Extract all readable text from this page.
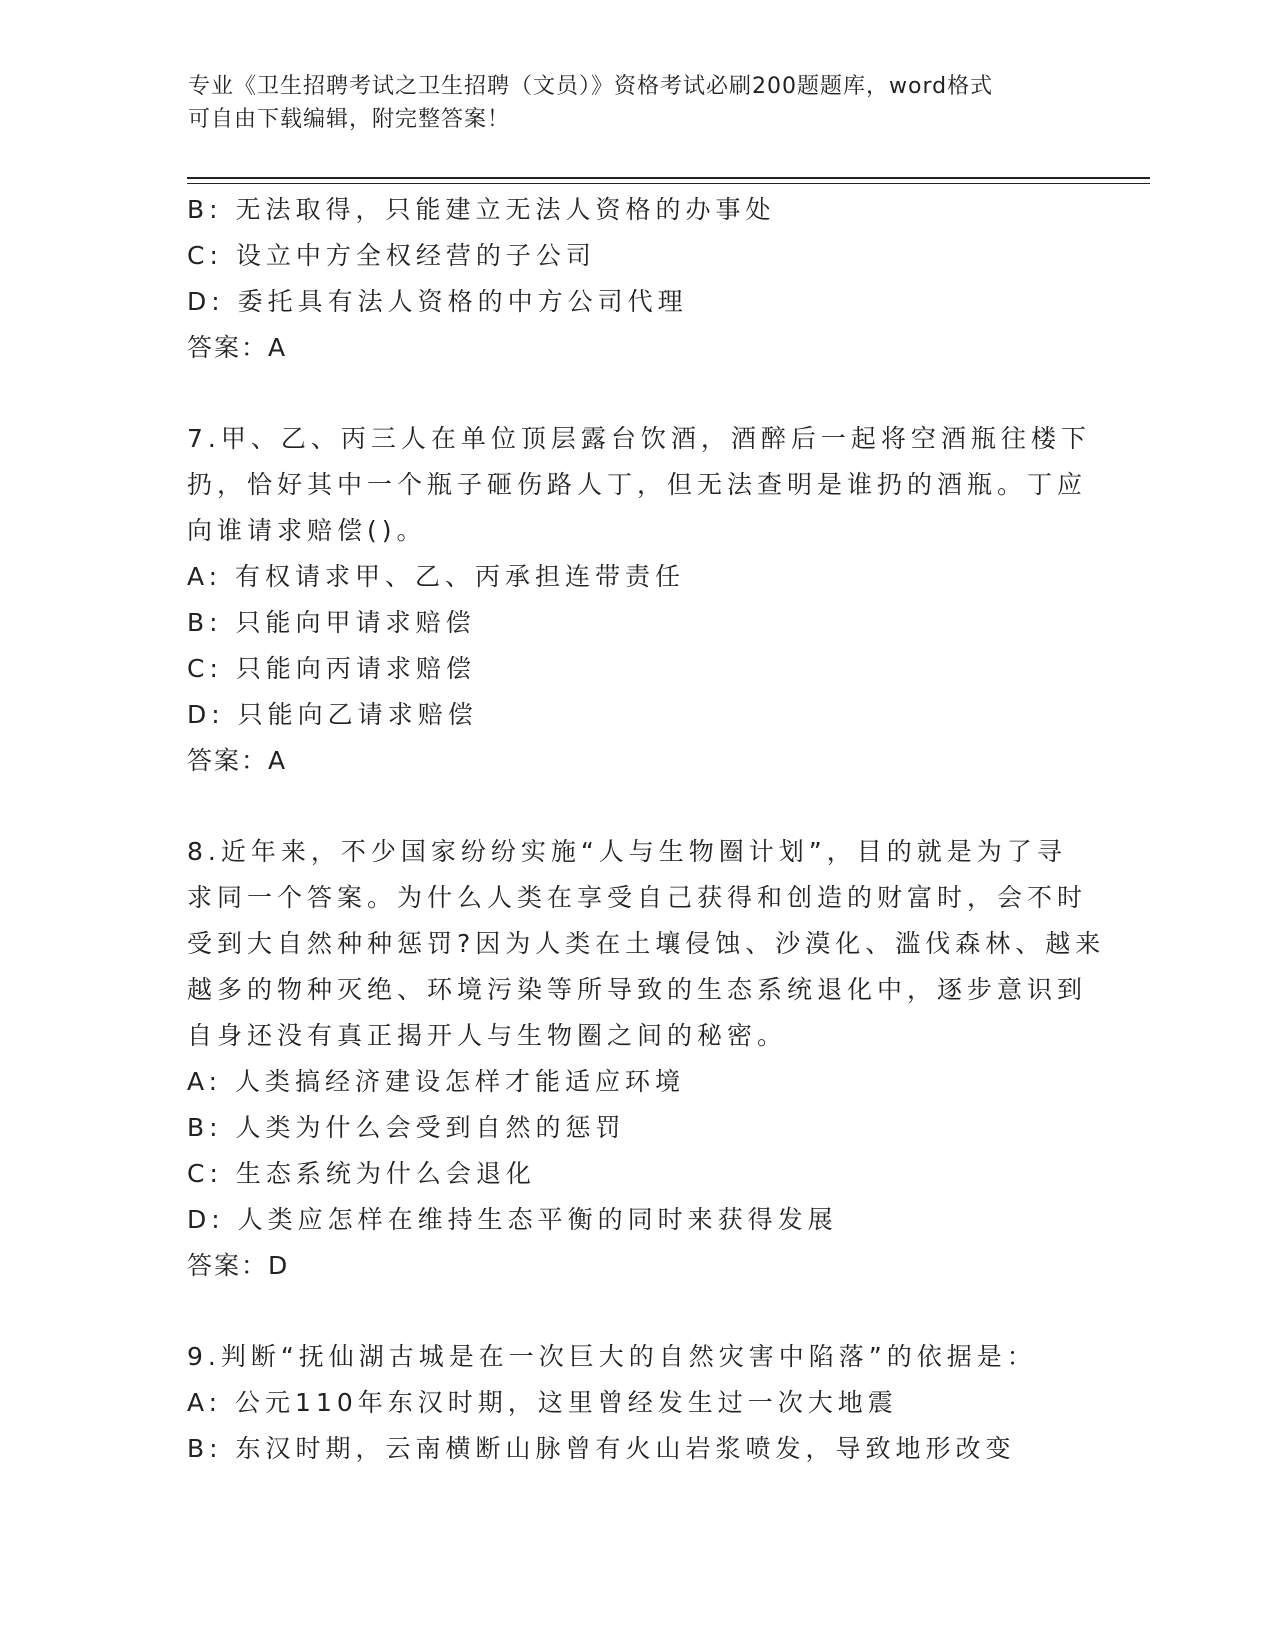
专业《卫生招聘考试之卫生招聘（文员）》资格考试必刷200题题库，word格式
可自由下载编辑，附完整答案！
B: 无法取得，只能建立无法人资格的办事处
C: 设立中方全权经营的子公司
D: 委托具有法人资格的中方公司代理
答案：A
7.甲、乙、丙三人在单位顶层露台饮酒，酒醉后一起将空酒瓶往楼下
扔，恰好其中一个瓶子砸伤路人丁，但无法查明是谁扔的酒瓶。丁应
向谁请求赔偿()。
A: 有权请求甲、乙、丙承担连带责任
B: 只能向甲请求赔偿
C: 只能向丙请求赔偿
D: 只能向乙请求赔偿
答案：A
8.近年来，不少国家纷纷实施“人与生物圈计划”，目的就是为了寻
求同一个答案。为什么人类在享受自己获得和创造的财富时，会不时
受到大自然种种惩罚?因为人类在土壤侵蚀、沙漠化、滥伐森林、越来
越多的物种灭绝、环境污染等所导致的生态系统退化中，逐步意识到
自身还没有真正揭开人与生物圈之间的秘密。
A: 人类搞经济建设怎样才能适应环境
B: 人类为什么会受到自然的惩罚
C: 生态系统为什么会退化
D: 人类应怎样在维持生态平衡的同时来获得发展
答案：D
9.判断“抚仙湖古城是在一次巨大的自然灾害中陷落”的依据是：
A: 公元110年东汉时期，这里曾经发生过一次大地震
B: 东汉时期，云南横断山脉曾有火山岩浆喷发，导致地形改变
